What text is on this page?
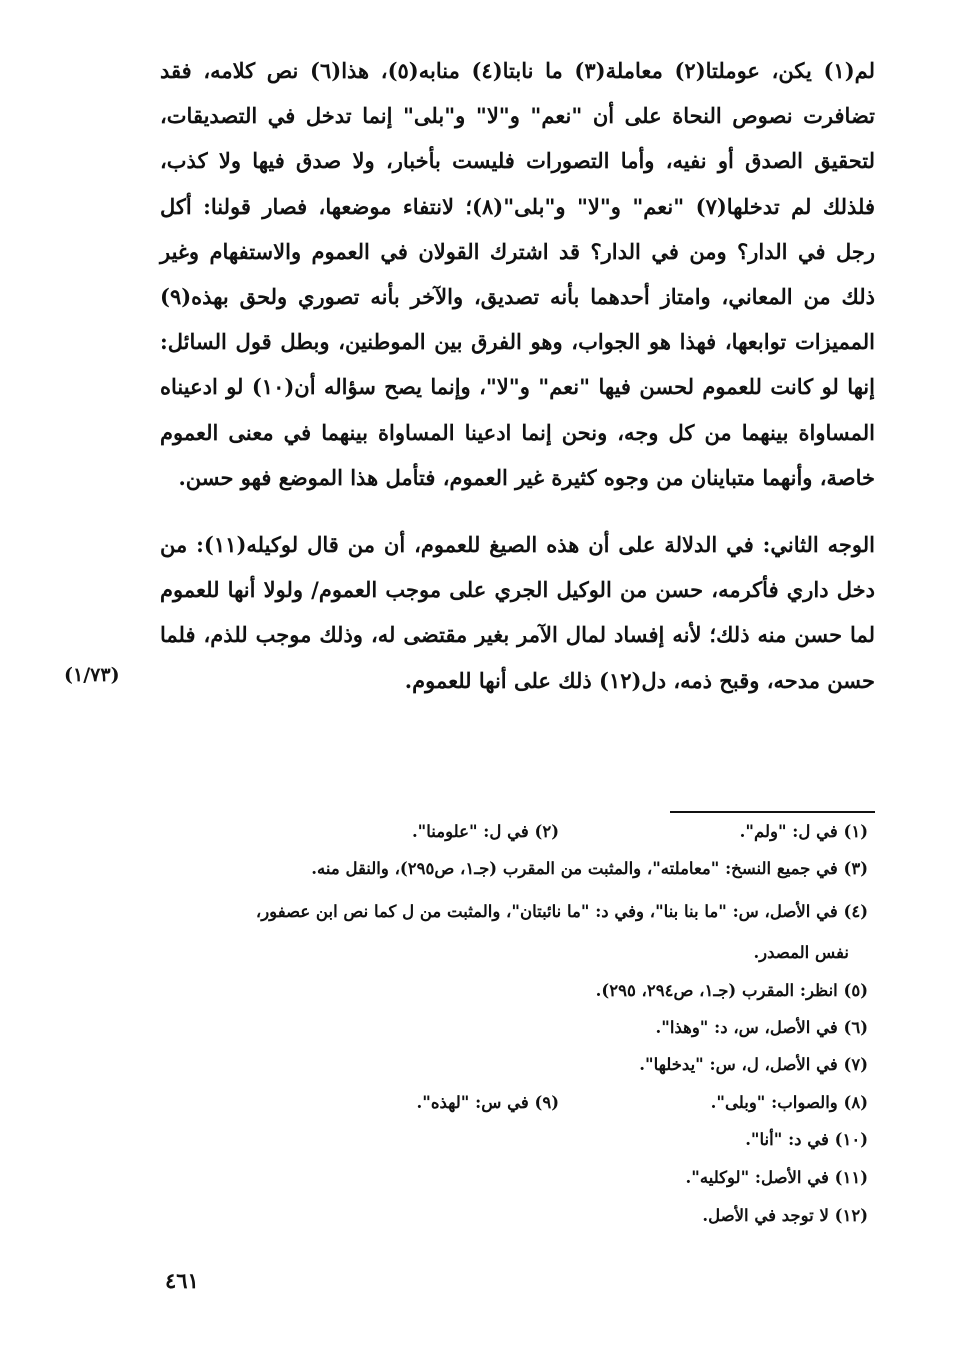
لم(١) يكن، عوملتا(٢) معاملة(٣) ما نابتا(٤) منابه(٥)، هذا(٦) نص كلامه، فقد تضافرت نصوص النحاة على أن "نعم" و"لا" و"بلى" إنما تدخل في التصديقات، لتحقيق الصدق أو نفيه، وأما التصورات فليست بأخبار، ولا صدق فيها ولا كذب، فلذلك لم تدخلها(٧) "نعم" و"لا" و"بلى"(٨)؛ لانتفاء موضعها، فصار قولنا: أكل رجل في الدار؟ ومن في الدار؟ قد اشترك القولان في العموم والاستفهام وغير ذلك من المعاني، وامتاز أحدهما بأنه تصديق، والآخر بأنه تصوري ولحق بهذه(٩) المميزات توابعها، فهذا هو الجواب، وهو الفرق بين الموطنين، وبطل قول السائل: إنها لو كانت للعموم لحسن فيها "نعم" و"لا"، وإنما يصح سؤاله أن(١٠) لو ادعيناه المساواة بينهما من كل وجه، ونحن إنما ادعينا المساواة بينهما في معنى العموم خاصة، وأنهما متباينان من وجوه كثيرة غير العموم، فتأمل هذا الموضع فهو حسن.

الوجه الثاني: في الدلالة على أن هذه الصيغ للعموم، أن من قال لوكيله(١١): من دخل داري فأكرمه، حسن من الوكيل الجري على موجب العموم/ ولولا أنها للعموم لما حسن منه ذلك؛ لأنه إفساد لمال الآمر بغير مقتضى له، وذلك موجب للذم، فلما حسن مدحه، وقبح ذمه، دل(١٢) ذلك على أنها للعموم.

(١/٧٣)
(١) في ل: "ولم".
(٢) في ل: "علومنا".
(٣) في جميع النسخ: "معاملته"، والمثبت من المقرب (جـ١، ص٢٩٥)، والنقل منه.
(٤) في الأصل، س: "ما بنا بنا"، وفي د: "ما نائبتان"، والمثبت من ل كما نص ابن عصفور،
نفس المصدر.
(٥) انظر: المقرب (جـ١، ص٢٩٤، ٢٩٥).
(٦) في الأصل، س، د: "وهذا".
(٧) في الأصل، ل، س: "يدخلها".
(٨) والصواب: "وبلى".
(٩) في س: "لهذه".
(١٠) في د: "أنا".
(١١) في الأصل: "لوكليه".
(١٢) لا توجد في الأصل.
٤٦١
